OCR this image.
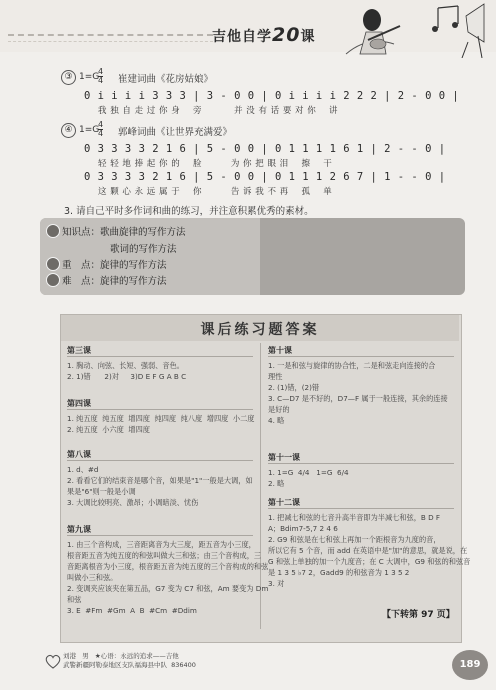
吉他自学20课
③ 1=G
$\frac{4}{4}$ 崔建词曲《花房姑娘》
0 i i i i 3 3 3 | 3 - 0 0 | 0 i i i i 2 2 2 | 2 - 0 0 |
我 独 自 走 过 你 身    旁          并 没 有 话 要 对 你    讲
④ 1=G
$\frac{4}{4}$ 郭峰词曲《让世界充满爱》
0 3 3 3 3 2 1 6 | 5 - 0 0 | 0 1 1 1 1 6 1 | 2 - - 0 |
轻 轻 地 捧 起 你 的    脸         为 你 把 眼 泪    擦    干
0 3 3 3 3 2 1 6 | 5 - 0 0 | 0 1 1 1 2 6 7 | 1 - - 0 |
这 颗 心 永 远 属 于    你         告 诉 我 不 再    孤    单
3. 请自己平时多作词和曲的练习，并注意积累优秀的素材。
知识点：歌曲旋律的写作方法
歌词的写作方法
重　点：旋律的写作方法
难　点：旋律的写作方法
课后练习题答案
第三课
1. 胸动、向弦、长短、强弱、音色。
2. 1)错      2)对     3)D E F G A B C
第四课
1. 纯五度  纯五度  增四度  纯四度  纯八度  增四度  小二度
2. 纯五度  小六度  增四度
第八课
1. d、#d
2. 看看它们的结束音是哪个音，如果是"1"一般是大调，如
果是"6"则一般是小调
3. 大调比较明亮、激昂；小调暗淡、忧伤
第九课
1. 由三个音构成，三音距离音为大三度，距五音为小三度，
根音距五音为纯五度的和弦叫做大三和弦；由三个音构成，三
音距离根音为小三度，根音距五音为纯五度的三个音构成的和弦
叫做小三和弦。
2. 变调夹应该夹在第五品，G7 变为 C7 和弦，Am 要变为 Dm
和弦
3. E  #Fm  #Gm  A  B  #Cm  #Ddim
第十课
1. 一是和弦与旋律的协合性，二是和弦走向连接的合
理性
2. (1)错，(2)错
3. C—D7 是不好的，D7—F 属于一般连接，其余的连接
是好的
4. 略
第十一课
1. 1=G  4/4   1=G  6/4
2. 略
第十二课
1. 把减七和弦的七音升高半音即为半减七和弦，B D F
A；Bdim7-5,7 2 4 6
2. G9 和弦是在七和弦上再加一个距根音为九度的音，
所以它有 5 个音，而 add 在英语中是"加"的意思，就是说，在
G 和弦上单独的加一个九度音；在 C 大调中，G9 和弦的和弦音
是 1 3 5 ♭7 2，Gadd9 的和弦音为 1 3 5 2
3. 对
【下转第 97 页】
刘港   男   ★心语：永远的追求——吉他
武警新疆阿勒泰地区支队福海县中队  836400	189
